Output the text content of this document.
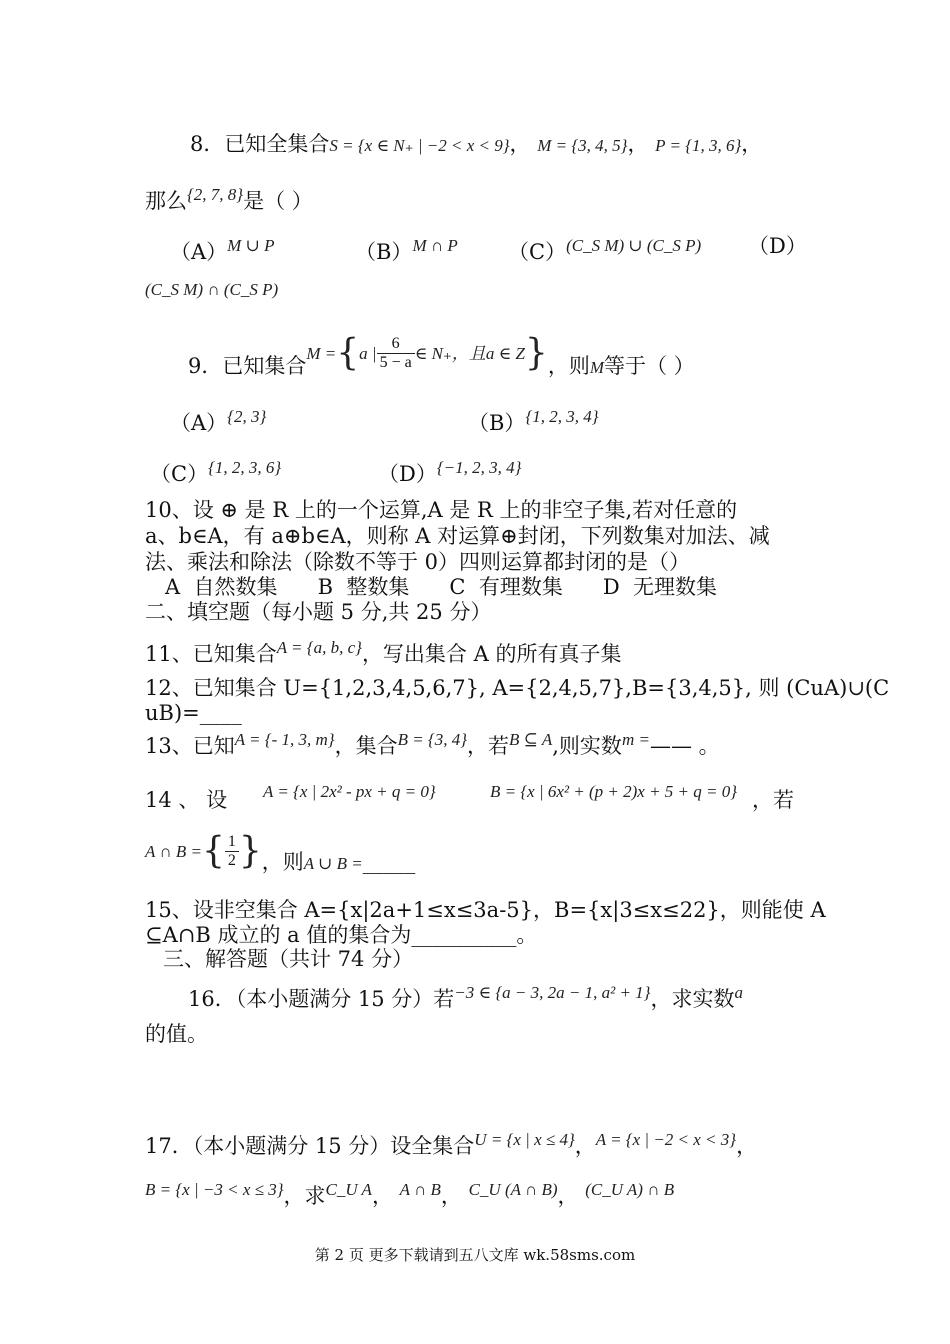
8．已知全集合S = {x ∈ N₊ | −2 < x < 9}， M = {3, 4, 5}， P = {1, 3, 6}，
那么$^{\{2, 7, 8\}}$是（ ）
$(A)^{M \cup P}$	$(B)^{M \cap P}$ $(C)^{(C\_S M) \cup (C\_S P)}$ （D）
(C_S M) ∩ (C_S P)
9．已知集合M ={a | $\frac{6}{5 - a}$ ∈ N₊，且a ∈ Z}，则M等于（ ）
$(A)^{\{2, 3\}}$	$(B)^{\{1, 2, 3, 4\}}$
$(C)^{\{1, 2, 3, 6\}}$	$(D)^{\{-1, 2, 3, 4\}}$
10、设 ⊕ 是 R 上的一个运算,A 是 R 上的非空子集,若对任意的
a、b∈A，有 a⊕b∈A，则称 A 对运算⊕封闭，下列数集对加法、减
法、乘法和除法（除数不等于 0）四则运算都封闭的是（）
A  自然数集      B  整数集      C  有理数集      D  无理数集
二、填空题（每小题 5 分,共 25 分）
11、已知集合$^{A = \{a, b, c\}}$，写出集合 A 的所有真子集
12、已知集合 U={1,2,3,4,5,6,7}, A={2,4,5,7},B={3,4,5}, 则 (CuA)∪(C
uB)=____
13、已知$^{A = \{- 1, 3, m\}}$，集合$^{B = \{3, 4\}}$，若$^{B ⊆ A}$,则实数$^{m =}$—— 。
14 、 设 A = {x | 2x² - px + q = 0}	B = {x | 6x² + (p + 2)x + 5 + q = 0} ，若
A ∩ B ={ $\frac{1}{2}$ }，则A ∪ B =_____
15、设非空集合 A={x|2a+1≤x≤3a-5}，B={x|3≤x≤22}，则能使 A
⊆A∩B 成立的 a 值的集合为__________。
三、解答题（共计 74 分）
16．（本小题满分 15 分）若$^{-3 \in \{a - 3, 2a - 1, a^2 + 1\}}$，求实数$^a$
的值。
17．（本小题满分 15 分）设全集合$^{U = \{x | x \le 4\}}$，$^{A = \{x | -2 < x < 3\}}$，
$^{B = \{x | -3 < x \le 3\}}$，求$^{C\_U A}$， $^{A \cap B}$， $^{C\_U (A \cap B)}$， $^{(C\_U A) \cap B}$
第 2 页 更多下载请到五八文库 wk.58sms.com
